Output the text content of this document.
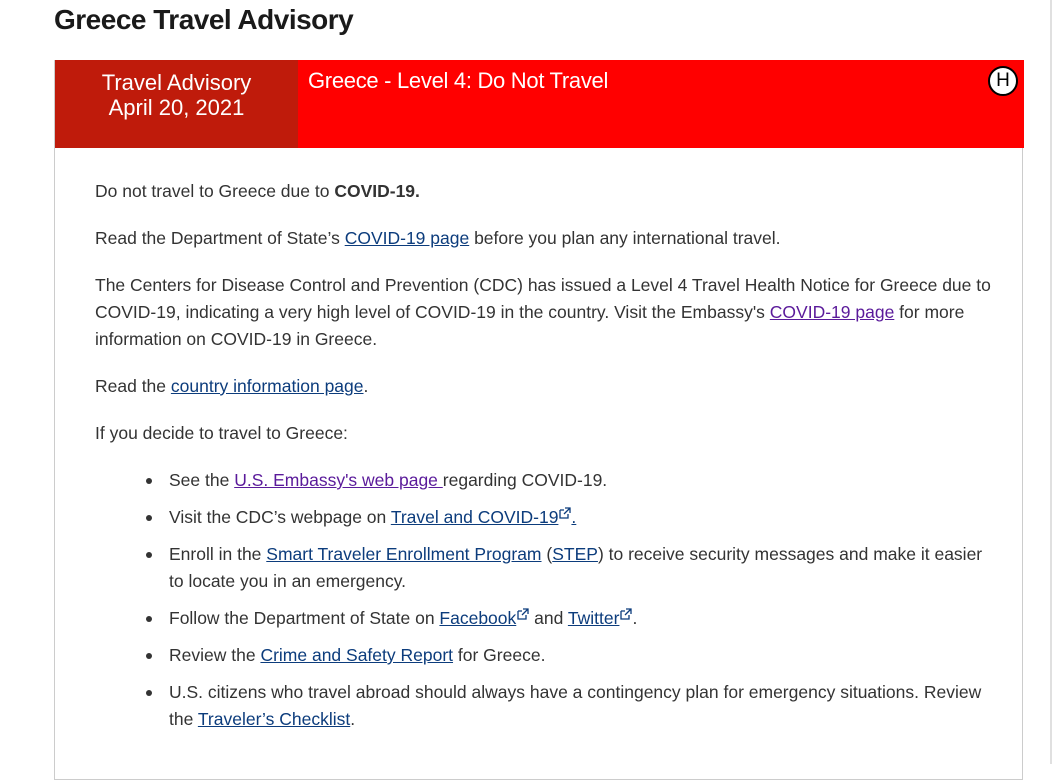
Greece Travel Advisory
Travel Advisory
April 20, 2021
Greece - Level 4: Do Not Travel	H

Do not travel to Greece due to COVID-19.

Read the Department of State’s COVID-19 page before you plan any international travel.

The Centers for Disease Control and Prevention (CDC) has issued a Level 4 Travel Health Notice for Greece due to COVID-19, indicating a very high level of COVID-19 in the country. Visit the Embassy's COVID-19 page for more information on COVID-19 in Greece.

Read the country information page.

If you decide to travel to Greece:

See the U.S. Embassy's web page regarding COVID-19.
Visit the CDC’s webpage on Travel and COVID-19 .
Enroll in the Smart Traveler Enrollment Program (STEP) to receive security messages and make it easier to locate you in an emergency.
Follow the Department of State on Facebook and Twitter .
Review the Crime and Safety Report for Greece.
U.S. citizens who travel abroad should always have a contingency plan for emergency situations. Review the Traveler’s Checklist.
